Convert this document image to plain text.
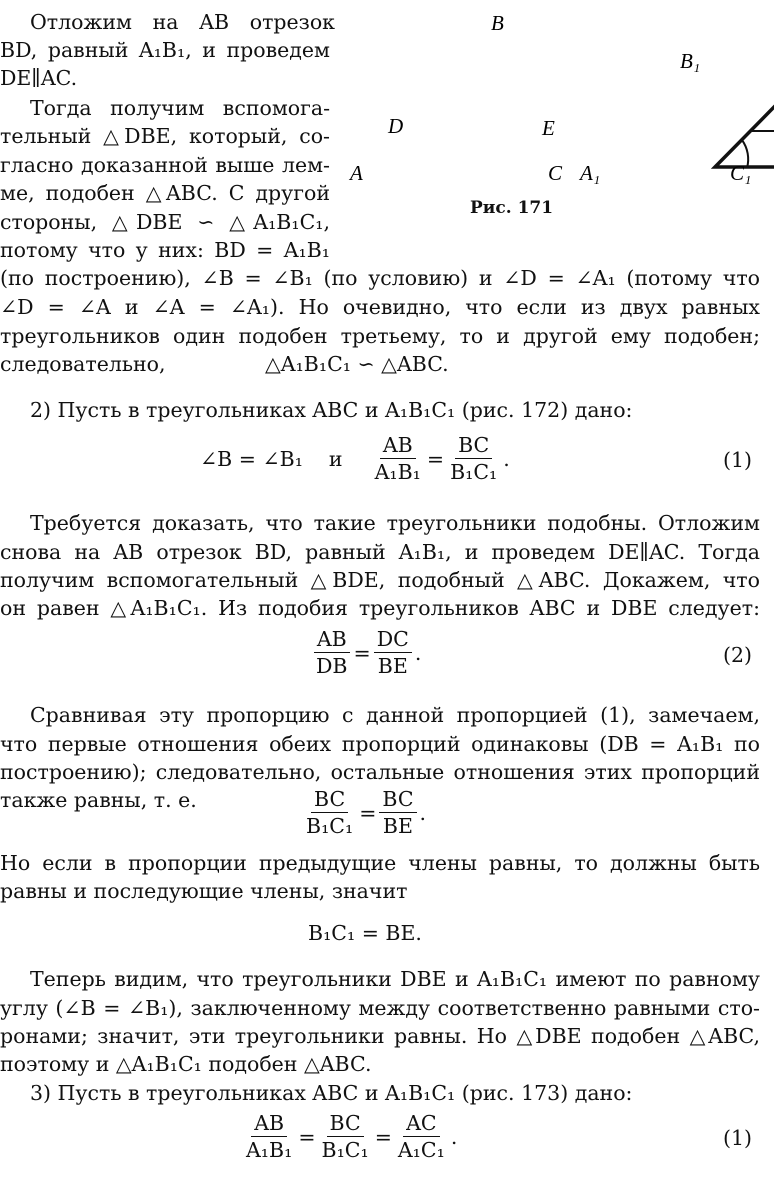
B
A	C
D	E
B₁
A₁	C₁
Рис. 171
Отложим на AB отрезок
BD, равный A₁B₁, и проведем
DE∥AC.
Тогда получим вспомога-
тельный △DBE, который, со-
гласно доказанной выше лем-
ме, подобен △ABC. С другой
стороны, △DBE ∽ △A₁B₁C₁,
потому что у них: BD = A₁B₁
(по построению), ∠B = ∠B₁ (по условию) и ∠D = ∠A₁ (потому что
∠D = ∠A и ∠A = ∠A₁). Но очевидно, что если из двух равных
треугольников один подобен третьему, то и другой ему подобен;
следовательно,	△A₁B₁C₁ ∽ △ABC.
2) Пусть в треугольниках ABC и A₁B₁C₁ (рис. 172) дано:
∠B = ∠B₁ и $\frac{AB}{\text{A₁B₁}} = \frac{BC}{\text{B₁C₁}}$ .	(1)
Требуется доказать, что такие треугольники подобны. Отложим
снова на AB отрезок BD, равный A₁B₁, и проведем DE∥AC. Тогда
получим вспомогательный △BDE, подобный △ABC. Докажем, что
он равен △A₁B₁C₁. Из подобия треугольников ABC и DBE следует:
$\frac{AB}{DB} = \frac{DC}{BE}$ .	(2)
Сравнивая эту пропорцию с данной пропорцией (1), замечаем,
что первые отношения обеих пропорций одинаковы (DB = A₁B₁ по
построению); следовательно, остальные отношения этих пропорций
также равны, т. е.	$\frac{BC}{\text{B₁C₁}} = \frac{BC}{BE}$ .
Но если в пропорции предыдущие члены равны, то должны быть
равны и последующие члены, значит
B₁C₁ = BE.
Теперь видим, что треугольники DBE и A₁B₁C₁ имеют по равному
углу (∠B = ∠B₁), заключенному между соответственно равными сто-
ронами; значит, эти треугольники равны. Но △DBE подобен △ABC,
поэтому и △A₁B₁C₁ подобен △ABC.
3) Пусть в треугольниках ABC и A₁B₁C₁ (рис. 173) дано:
$\frac{AB}{\text{A₁B₁}} = \frac{BC}{\text{B₁C₁}} = \frac{AC}{\text{A₁C₁}}$ .	(1)
